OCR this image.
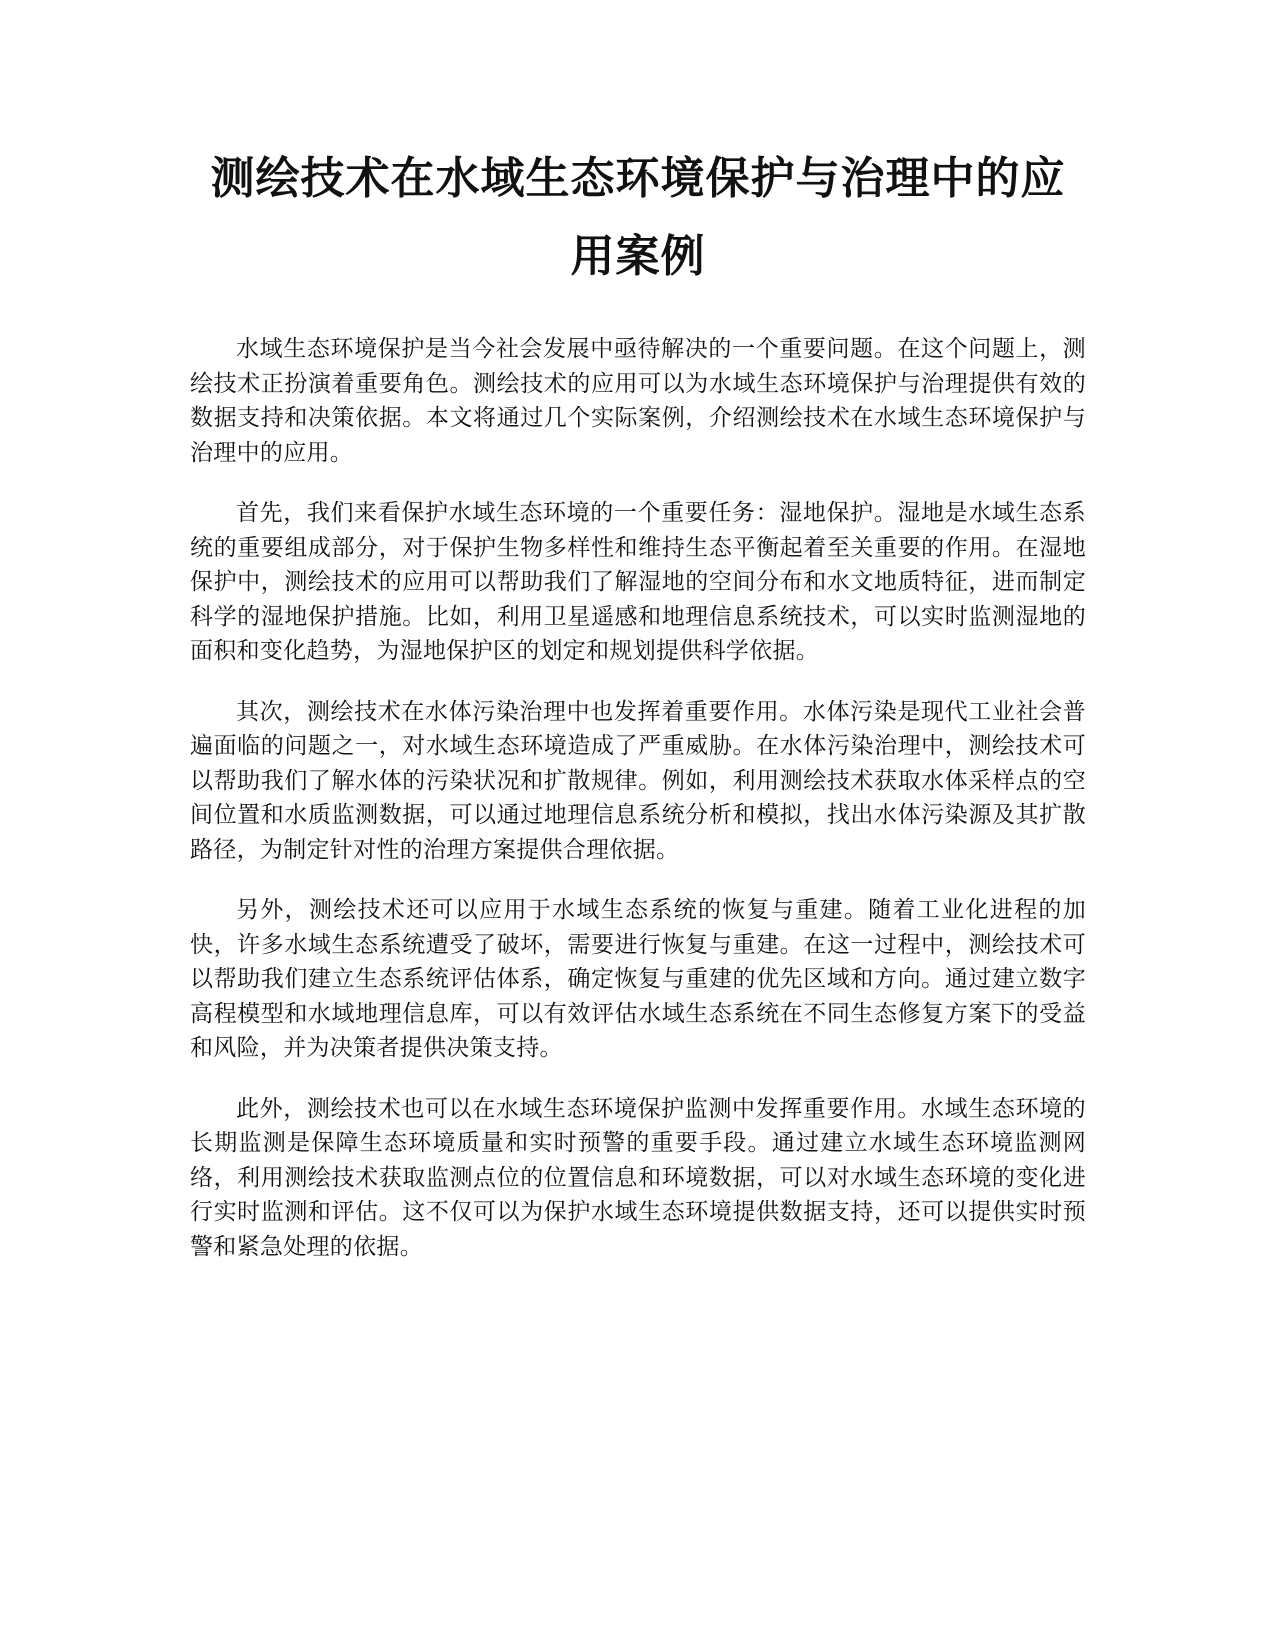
测绘技术在水域生态环境保护与治理中的应用案例

水域生态环境保护是当今社会发展中亟待解决的一个重要问题。在这个问题上，测绘技术正扮演着重要角色。测绘技术的应用可以为水域生态环境保护与治理提供有效的数据支持和决策依据。本文将通过几个实际案例，介绍测绘技术在水域生态环境保护与治理中的应用。

首先，我们来看保护水域生态环境的一个重要任务：湿地保护。湿地是水域生态系统的重要组成部分，对于保护生物多样性和维持生态平衡起着至关重要的作用。在湿地保护中，测绘技术的应用可以帮助我们了解湿地的空间分布和水文地质特征，进而制定科学的湿地保护措施。比如，利用卫星遥感和地理信息系统技术，可以实时监测湿地的面积和变化趋势，为湿地保护区的划定和规划提供科学依据。

其次，测绘技术在水体污染治理中也发挥着重要作用。水体污染是现代工业社会普遍面临的问题之一，对水域生态环境造成了严重威胁。在水体污染治理中，测绘技术可以帮助我们了解水体的污染状况和扩散规律。例如，利用测绘技术获取水体采样点的空间位置和水质监测数据，可以通过地理信息系统分析和模拟，找出水体污染源及其扩散路径，为制定针对性的治理方案提供合理依据。

另外，测绘技术还可以应用于水域生态系统的恢复与重建。随着工业化进程的加快，许多水域生态系统遭受了破坏，需要进行恢复与重建。在这一过程中，测绘技术可以帮助我们建立生态系统评估体系，确定恢复与重建的优先区域和方向。通过建立数字高程模型和水域地理信息库，可以有效评估水域生态系统在不同生态修复方案下的受益和风险，并为决策者提供决策支持。

此外，测绘技术也可以在水域生态环境保护监测中发挥重要作用。水域生态环境的长期监测是保障生态环境质量和实时预警的重要手段。通过建立水域生态环境监测网络，利用测绘技术获取监测点位的位置信息和环境数据，可以对水域生态环境的变化进行实时监测和评估。这不仅可以为保护水域生态环境提供数据支持，还可以提供实时预警和紧急处理的依据。
